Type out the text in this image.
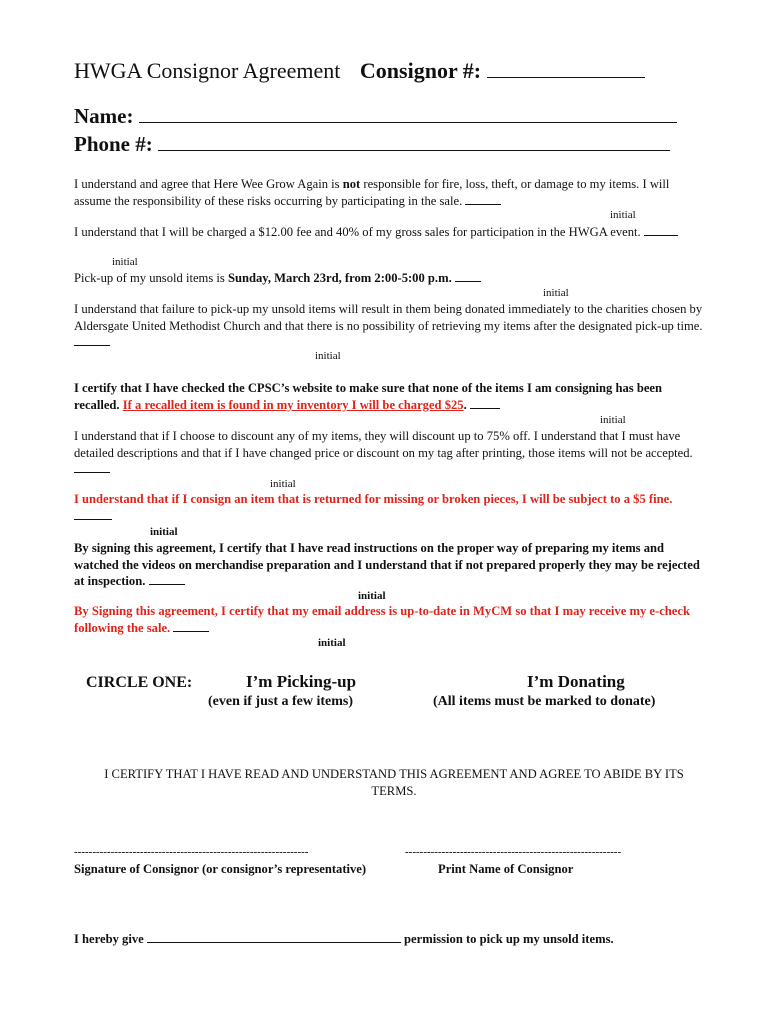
HWGA Consignor Agreement Consignor #:
Name:
Phone #:
I understand and agree that Here Wee Grow Again is not responsible for fire, loss, theft, or damage to my items. I will assume the responsibility of these risks occurring by participating in the sale.
initial
I understand that I will be charged a $12.00 fee and 40% of my gross sales for participation in the HWGA event.
initial
Pick-up of my unsold items is Sunday, March 23rd, from 2:00-5:00 p.m.
initial
I understand that failure to pick-up my unsold items will result in them being donated immediately to the charities chosen by Aldersgate United Methodist Church and that there is no possibility of retrieving my items after the designated pick-up time.
initial
I certify that I have checked the CPSC’s website to make sure that none of the items I am consigning has been recalled. If a recalled item is found in my inventory I will be charged $25.
initial
I understand that if I choose to discount any of my items, they will discount up to 75% off. I understand that I must have detailed descriptions and that if I have changed price or discount on my tag after printing, those items will not be accepted.
initial
I understand that if I consign an item that is returned for missing or broken pieces, I will be subject to a $5 fine.
initial
By signing this agreement, I certify that I have read instructions on the proper way of preparing my items and watched the videos on merchandise preparation and I understand that if not prepared properly they may be rejected at inspection.
initial
By Signing this agreement, I certify that my email address is up-to-date in MyCM so that I may receive my e-check following the sale.
initial
CIRCLE ONE:	I’m Picking-up
(even if just a few items)
I’m Donating
(All items must be marked to donate)
I CERTIFY THAT I HAVE READ AND UNDERSTAND THIS AGREEMENT AND AGREE TO ABIDE BY ITS TERMS.
----------------------------------------------------------------	-----------------------------------------------------------
Signature of Consignor (or consignor’s representative)	Print Name of Consignor
I hereby give	permission to pick up my unsold items.
